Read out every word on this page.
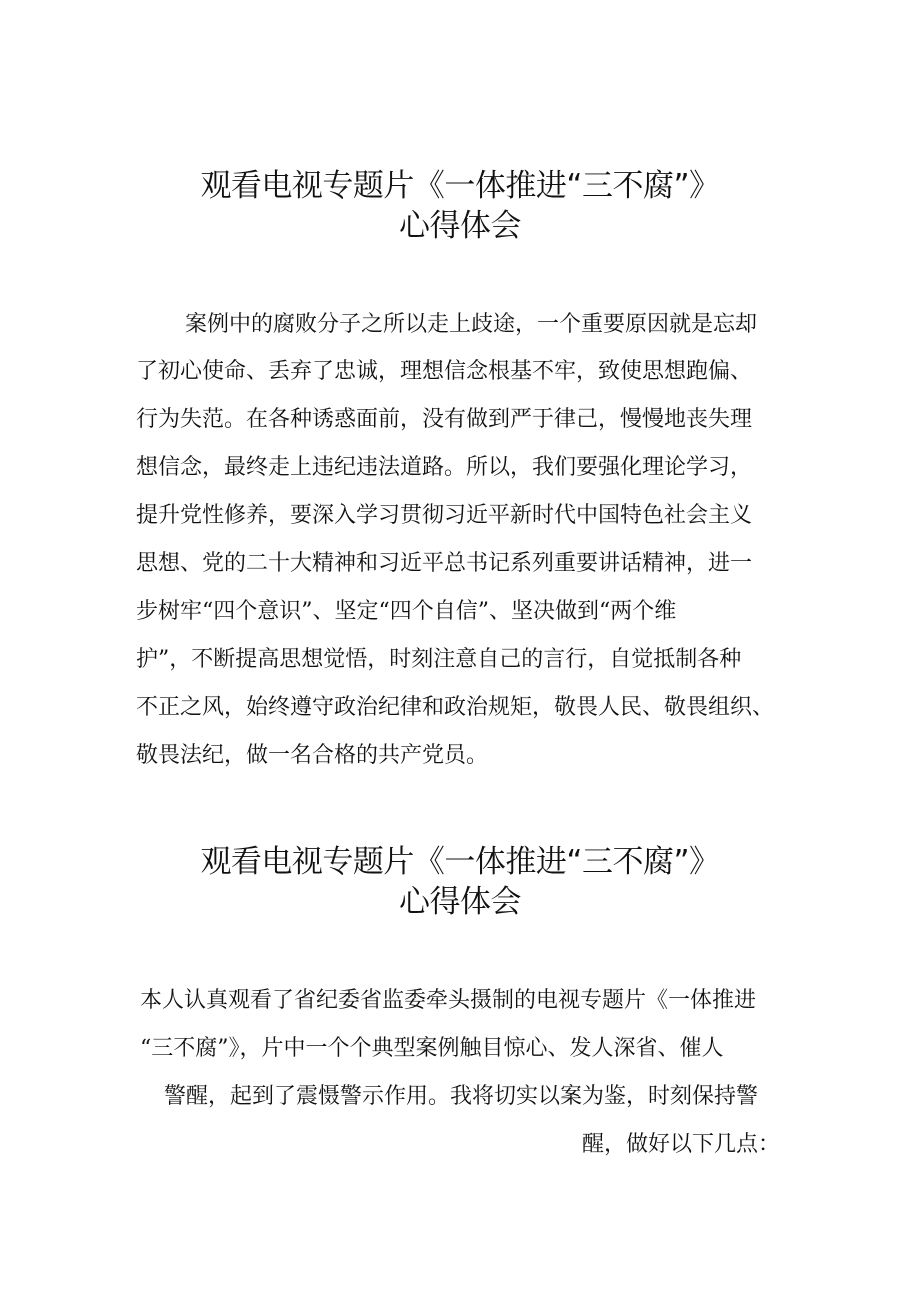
观看电视专题片《一体推进“三不腐”》
心得体会

案例中的腐败分子之所以走上歧途，一个重要原因就是忘却

了初心使命、丢弃了忠诚，理想信念根基不牢，致使思想跑偏、

行为失范。在各种诱惑面前，没有做到严于律己，慢慢地丧失理

想信念，最终走上违纪违法道路。所以，我们要强化理论学习，

提升党性修养，要深入学习贯彻习近平新时代中国特色社会主义

思想、党的二十大精神和习近平总书记系列重要讲话精神，进一

步树牢“四个意识”、坚定“四个自信”、坚决做到“两个维

护”，不断提高思想觉悟，时刻注意自己的言行，自觉抵制各种

不正之风，始终遵守政治纪律和政治规矩，敬畏人民、敬畏组织、

敬畏法纪，做一名合格的共产党员。

观看电视专题片《一体推进“三不腐”》
心得体会

本人认真观看了省纪委省监委牵头摄制的电视专题片《一体推进

“三不腐”》，片中一个个典型案例触目惊心、发人深省、催人

警醒，起到了震慑警示作用。我将切实以案为鉴，时刻保持警

醒，做好以下几点：
